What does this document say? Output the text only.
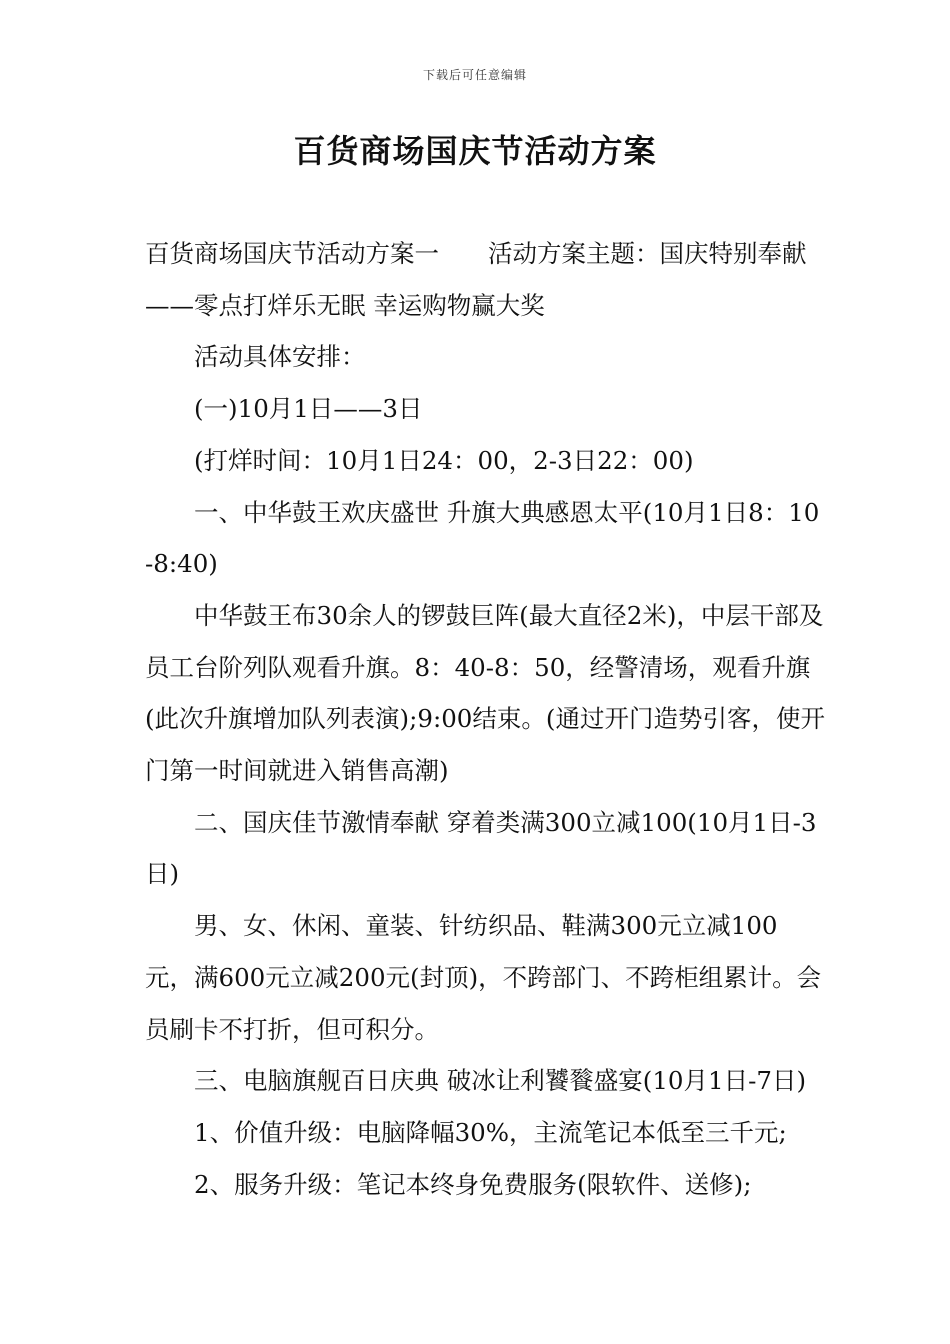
下载后可任意编辑
百货商场国庆节活动方案

百货商场国庆节活动方案一　　活动方案主题：国庆特别奉献——零点打烊乐无眠 幸运购物赢大奖

活动具体安排：

(一)10月1日——3日

(打烊时间：10月1日24：00，2-3日22：00)

一、中华鼓王欢庆盛世 升旗大典感恩太平(10月1日8：10-8:40)

中华鼓王布30余人的锣鼓巨阵(最大直径2米)，中层干部及员工台阶列队观看升旗。8：40-8：50，经警清场，观看升旗(此次升旗增加队列表演);9:00结束。(通过开门造势引客，使开门第一时间就进入销售高潮)

二、国庆佳节激情奉献 穿着类满300立减100(10月1日-3日)

男、女、休闲、童装、针纺织品、鞋满300元立减100元，满600元立减200元(封顶)，不跨部门、不跨柜组累计。会员刷卡不打折，但可积分。

三、电脑旗舰百日庆典 破冰让利饕餮盛宴(10月1日-7日)

1、价值升级：电脑降幅30%，主流笔记本低至三千元;

2、服务升级：笔记本终身免费服务(限软件、送修);
